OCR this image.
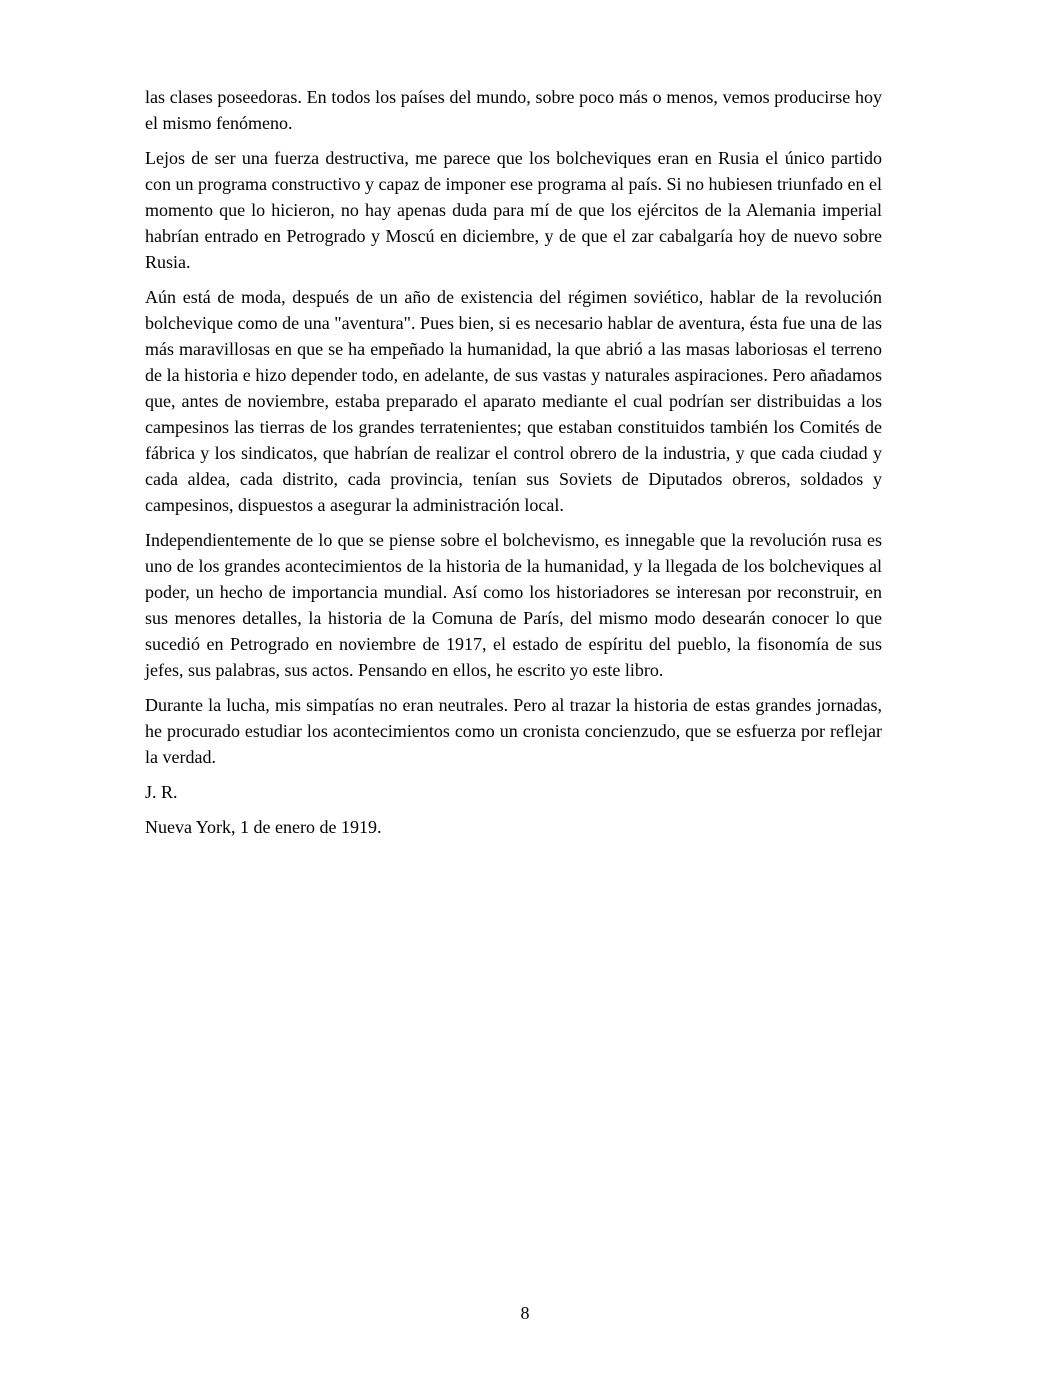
las clases poseedoras. En todos los países del mundo, sobre poco más o menos, vemos producirse hoy el mismo fenómeno.

Lejos de ser una fuerza destructiva, me parece que los bolcheviques eran en Rusia el único partido con un programa constructivo y capaz de imponer ese programa al país. Si no hubiesen triunfado en el momento que lo hicieron, no hay apenas duda para mí de que los ejércitos de la Alemania imperial habrían entrado en Petrogrado y Moscú en diciembre, y de que el zar cabalgaría hoy de nuevo sobre Rusia.

Aún está de moda, después de un año de existencia del régimen soviético, hablar de la revolución bolchevique como de una "aventura". Pues bien, si es necesario hablar de aventura, ésta fue una de las más maravillosas en que se ha empeñado la humanidad, la que abrió a las masas laboriosas el terreno de la historia e hizo depender todo, en adelante, de sus vastas y naturales aspiraciones. Pero añadamos que, antes de noviembre, estaba preparado el aparato mediante el cual podrían ser distribuidas a los campesinos las tierras de los grandes terratenientes; que estaban constituidos también los Comités de fábrica y los sindicatos, que habrían de realizar el control obrero de la industria, y que cada ciudad y cada aldea, cada distrito, cada provincia, tenían sus Soviets de Diputados obreros, soldados y campesinos, dispuestos a asegurar la administración local.

Independientemente de lo que se piense sobre el bolchevismo, es innegable que la revolución rusa es uno de los grandes acontecimientos de la historia de la humanidad, y la llegada de los bolcheviques al poder, un hecho de importancia mundial. Así como los historiadores se interesan por reconstruir, en sus menores detalles, la historia de la Comuna de París, del mismo modo desearán conocer lo que sucedió en Petrogrado en noviembre de 1917, el estado de espíritu del pueblo, la fisonomía de sus jefes, sus palabras, sus actos. Pensando en ellos, he escrito yo este libro.

Durante la lucha, mis simpatías no eran neutrales. Pero al trazar la historia de estas grandes jornadas, he procurado estudiar los acontecimientos como un cronista concienzudo, que se esfuerza por reflejar la verdad.

J. R.

Nueva York, 1 de enero de 1919.

8
